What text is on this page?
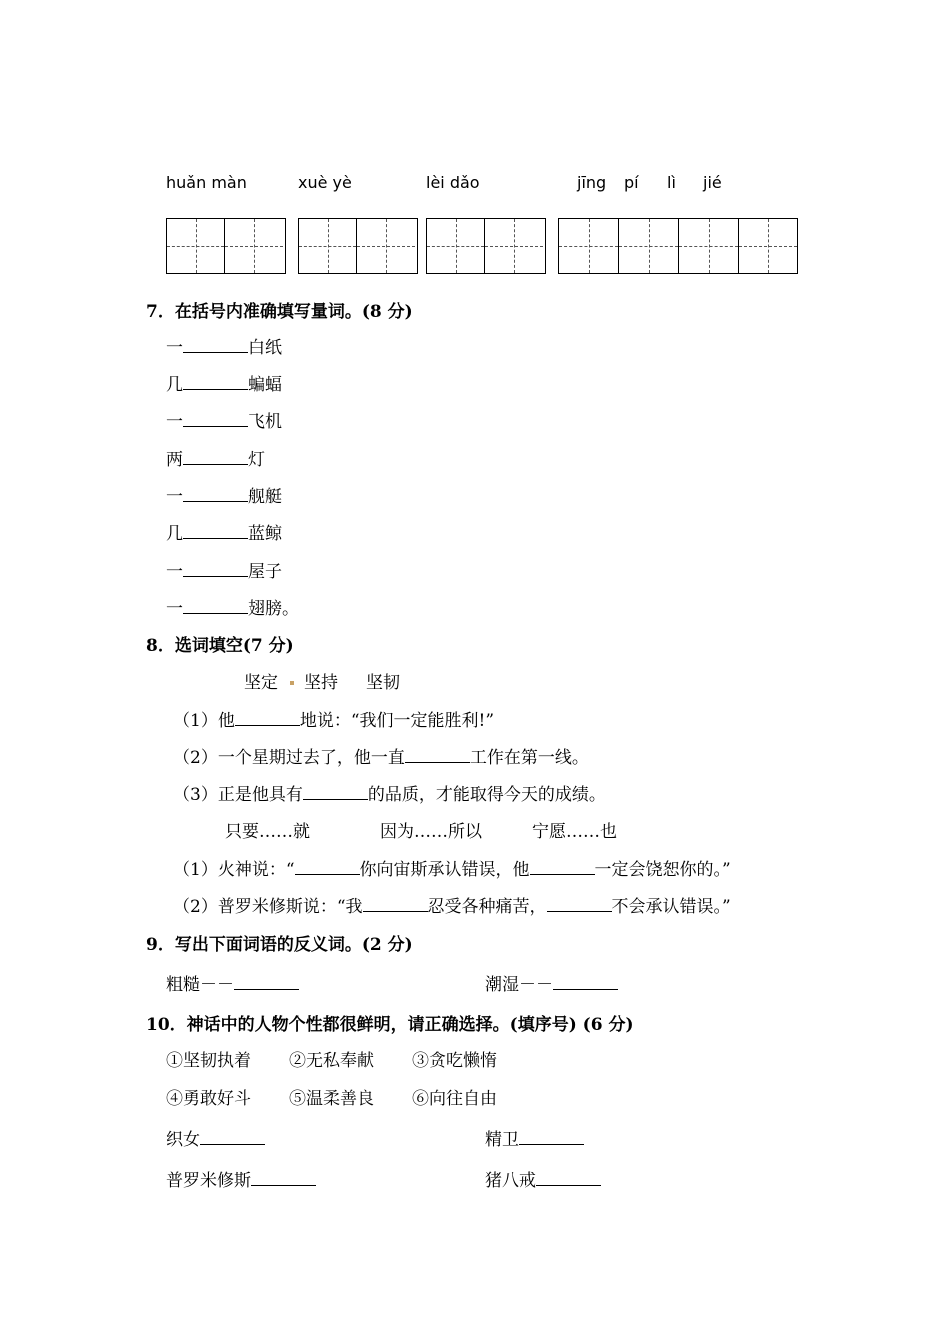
huǎn màn	xuè yè	lèi dǎo	jīng pí lì jié
7．在括号内准确填写量词。(8 分)
一	白纸
几	蝙蝠
一	飞机
两	灯
一	舰艇
几	蓝鲸
一	屋子
一	翅膀。
8．选词填空(7 分)
坚定 坚持 坚韧
（1）他	地说：“我们一定能胜利!”
（2）一个星期过去了，他一直	工作在第一线。
（3）正是他具有	的品质，才能取得今天的成绩。
只要……就	因为……所以	宁愿……也
（1）火神说：“	你向宙斯承认错误，他	一定会饶恕你的。”
（2）普罗米修斯说：“我	忍受各种痛苦，	不会承认错误。”
9．写出下面词语的反义词。(2 分)
粗糙－－	潮湿－－
10．神话中的人物个性都很鲜明，请正确选择。(填序号) (6 分)
①坚韧执着 ②无私奉献 ③贪吃懒惰
④勇敢好斗 ⑤温柔善良 ⑥向往自由
织女	精卫
普罗米修斯	猪八戒
